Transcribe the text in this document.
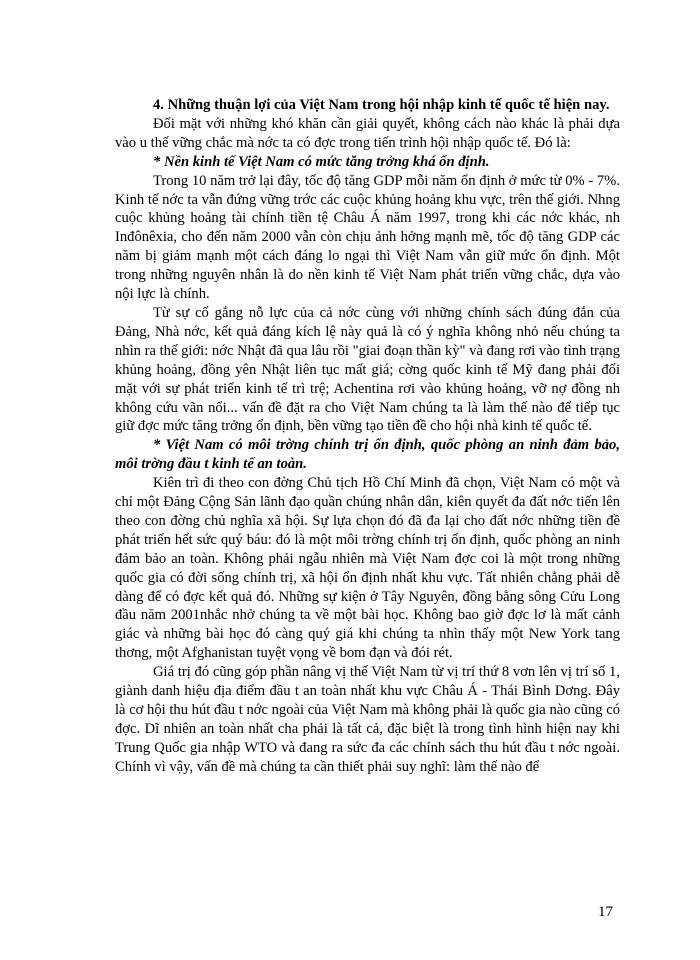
4. Những thuận lợi của Việt Nam trong hội nhập kinh tế quốc tế hiện nay.

Đối mặt với những khó khăn cần giải quyết, không cách nào khác là phải dựa vào u thế vững chắc mà nớc ta có đợc trong tiến trình hội nhập quốc tế. Đó là:

* Nền kinh tế Việt Nam có mức tăng trởng khá ổn định.

Trong 10 năm trở lại đây, tốc độ tăng GDP mỗi năm ổn định ở mức từ 0% - 7%. Kinh tế nớc ta vẫn đứng vững trớc các cuộc khủng hoảng khu vực, trên thế giới. Nhng cuộc khủng hoảng tài chính tiền tệ Châu Á năm 1997, trong khi các nớc khác, nh Inđônêxia, cho đến năm 2000 vẫn còn chịu ảnh hởng mạnh mẽ, tốc độ tăng GDP các năm bị giảm mạnh một cách đáng lo ngại thì Việt Nam vẫn giữ mức ổn định. Một trong những nguyên nhân là do nền kinh tế Việt Nam phát triển vững chắc, dựa vào nội lực là chính.

Từ sự cố gắng nỗ lực của cả nớc cùng với những chính sách đúng đắn của Đảng, Nhà nớc, kết quả đáng kích lệ này quả là có ý nghĩa không nhỏ nếu chúng ta nhìn ra thế giới: nớc Nhật đã qua lâu rồi "giai đoạn thần kỳ" và đang rơi vào tình trạng khủng hoảng, đồng yên Nhật liên tục mất giá; cờng quốc kinh tế Mỹ đang phải đối mặt với sự phát triển kinh tế trì trệ; Achentina rơi vào khủng hoảng, vỡ nợ đồng nh không cứu vãn nổi... vấn đề đặt ra cho Việt Nam chúng ta là làm thế nào để tiếp tục giữ đợc mức tăng trởng ổn định, bền vững tạo tiền đề cho hội nhà kinh tế quốc tế.

* Việt Nam có môi trờng chính trị ổn định, quốc phòng an ninh đảm bảo, môi trờng đầu t kinh tế an toàn.

Kiên trì đi theo con đờng Chủ tịch Hồ Chí Minh đã chọn, Việt Nam có một và chỉ một Đảng Cộng Sản lãnh đạo quần chúng nhân dân, kiên quyết đa đất nớc tiến lên theo con đờng chủ nghĩa xã hội. Sự lựa chọn đó đã đa lại cho đất nớc những tiền đề phát triển hết sức quý báu: đó là một môi trờng chính trị ổn định, quốc phòng an ninh đảm bảo an toàn. Không phải ngẫu nhiên mà Việt Nam đợc coi là một trong những quốc gia có đời sống chính trị, xã hội ổn định nhất khu vực. Tất nhiên chẳng phải dễ dàng để có đợc kết quả đó. Những sự kiện ở Tây Nguyên, đồng bằng sông Cửu Long đầu năm 2001nhắc nhở chúng ta về một bài học. Không bao giờ đợc lơ là mất cảnh giác và những bài học đó càng quý giá khi chúng ta nhìn thấy một New York tang thơng, một Afghanistan tuyệt vọng về bom đạn và đói rét.

Giá trị đó cũng góp phần nâng vị thế Việt Nam từ vị trí thứ 8 vơn lên vị trí số 1, giành danh hiệu địa điểm đầu t an toàn nhất khu vực Châu Á - Thái Bình Dơng. Đây là cơ hội thu hút đầu t nớc ngoài của Việt Nam mà không phải là quốc gia nào cũng có đợc. Dĩ nhiên an toàn nhất cha phải là tất cả, đặc biệt là trong tình hình hiện nay khi Trung Quốc gia nhập WTO và đang ra sức đa các chính sách thu hút đầu t nớc ngoài. Chính vì vậy, vấn đề mà chúng ta cần thiết phải suy nghĩ: làm thế nào để

17
